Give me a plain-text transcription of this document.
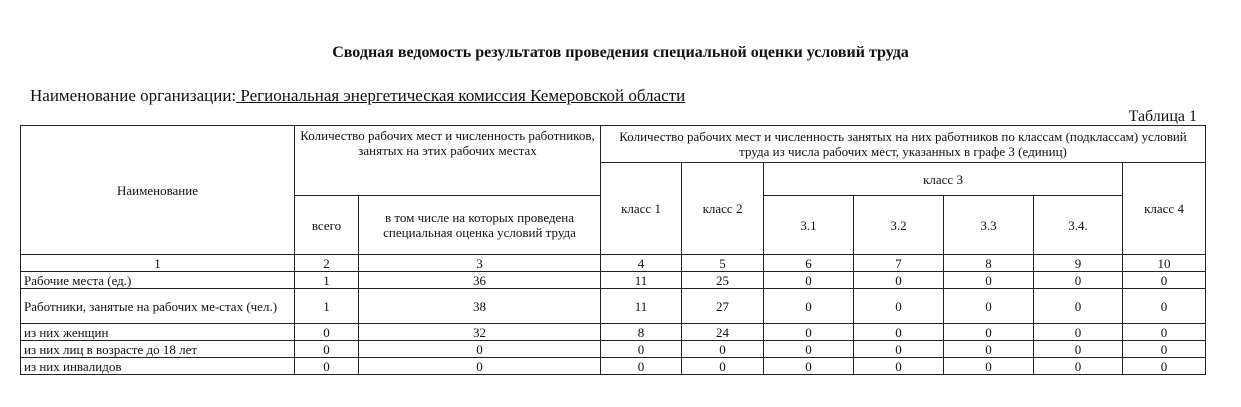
Сводная ведомость результатов проведения специальной оценки условий труда
Наименование организации: Региональная энергетическая комиссия Кемеровской области
Таблица 1
Наименование	Количество рабочих мест и численность работников, занятых на этих рабочих местах		Количество рабочих мест и численность занятых на них работников по классам (подклассам) условий труда из числа рабочих мест, указанных в графе 3 (единиц)						
			класс 1	класс 2	класс 3				класс 4
	всего	в том числе на которых проведена специальная оценка условий труда			3.1	3.2	3.3	3.4.	
1	2	3	4	5	6	7	8	9	10
Рабочие места (ед.)	1	36	11	25	0	0	0	0	0
Работники, занятые на рабочих ме-стах (чел.)	1	38	11	27	0	0	0	0	0
из них женщин	0	32	8	24	0	0	0	0	0
из них лиц в возрасте до 18 лет	0	0	0	0	0	0	0	0	0
из них инвалидов	0	0	0	0	0	0	0	0	0
